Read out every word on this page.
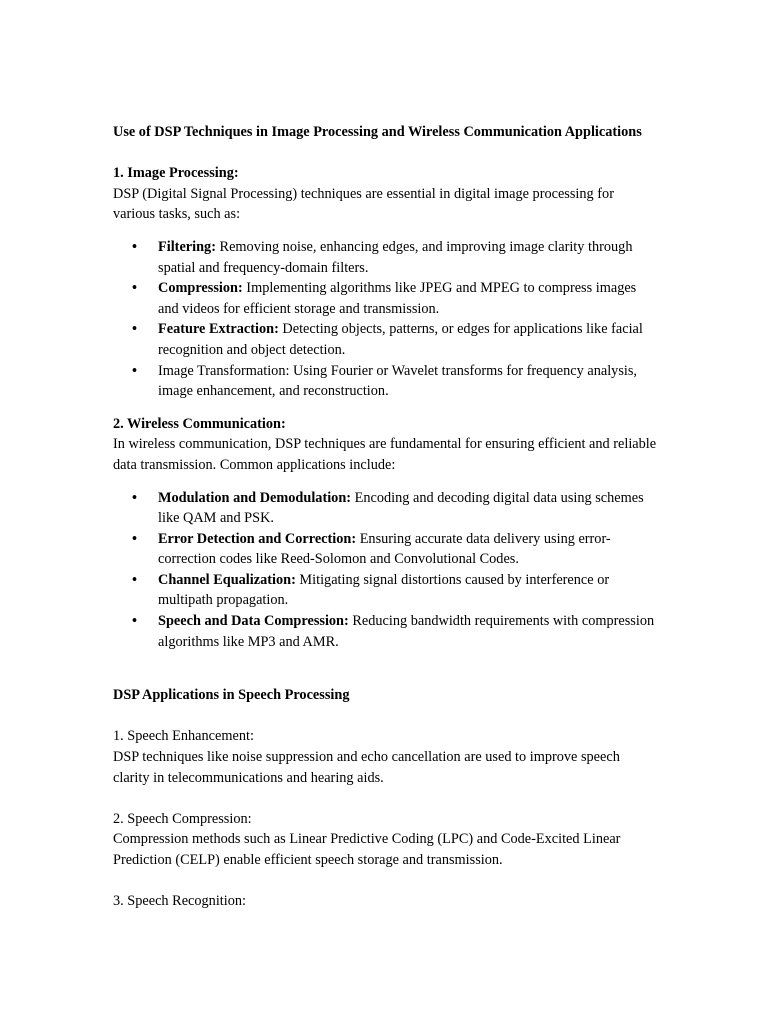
Use of DSP Techniques in Image Processing and Wireless Communication Applications

1. Image Processing:

DSP (Digital Signal Processing) techniques are essential in digital image processing for various tasks, such as:

• Filtering: Removing noise, enhancing edges, and improving image clarity through spatial and frequency-domain filters.
• Compression: Implementing algorithms like JPEG and MPEG to compress images and videos for efficient storage and transmission.
• Feature Extraction: Detecting objects, patterns, or edges for applications like facial recognition and object detection.
• Image Transformation: Using Fourier or Wavelet transforms for frequency analysis, image enhancement, and reconstruction.

2. Wireless Communication:

In wireless communication, DSP techniques are fundamental for ensuring efficient and reliable data transmission. Common applications include:

• Modulation and Demodulation: Encoding and decoding digital data using schemes like QAM and PSK.
• Error Detection and Correction: Ensuring accurate data delivery using error-correction codes like Reed-Solomon and Convolutional Codes.
• Channel Equalization: Mitigating signal distortions caused by interference or multipath propagation.
• Speech and Data Compression: Reducing bandwidth requirements with compression algorithms like MP3 and AMR.

DSP Applications in Speech Processing

1. Speech Enhancement:

DSP techniques like noise suppression and echo cancellation are used to improve speech clarity in telecommunications and hearing aids.

2. Speech Compression:

Compression methods such as Linear Predictive Coding (LPC) and Code-Excited Linear Prediction (CELP) enable efficient speech storage and transmission.

3. Speech Recognition:
